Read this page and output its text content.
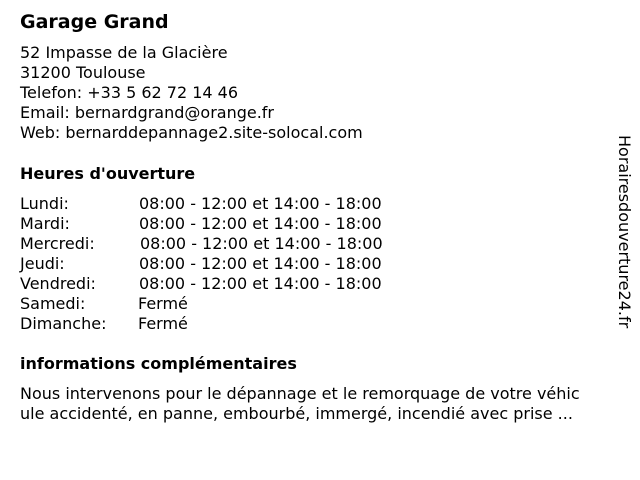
Garage Grand
52 Impasse de la Glacière
31200 Toulouse
Telefon: +33 5 62 72 14 46
Email: bernardgrand@orange.fr
Web: bernarddepannage2.site-solocal.com
Heures d'ouverture
Lundi:	08:00 - 12:00 et 14:00 - 18:00
Mardi:	08:00 - 12:00 et 14:00 - 18:00
Mercredi:	08:00 - 12:00 et 14:00 - 18:00
Jeudi:	08:00 - 12:00 et 14:00 - 18:00
Vendredi:	08:00 - 12:00 et 14:00 - 18:00
Samedi:	Fermé
Dimanche: Fermé
informations complémentaires
Nous intervenons pour le dépannage et le remorquage de votre véhic
ule accidenté, en panne, embourbé, immergé, incendié avec prise ...
Horairesdouverture24.fr
